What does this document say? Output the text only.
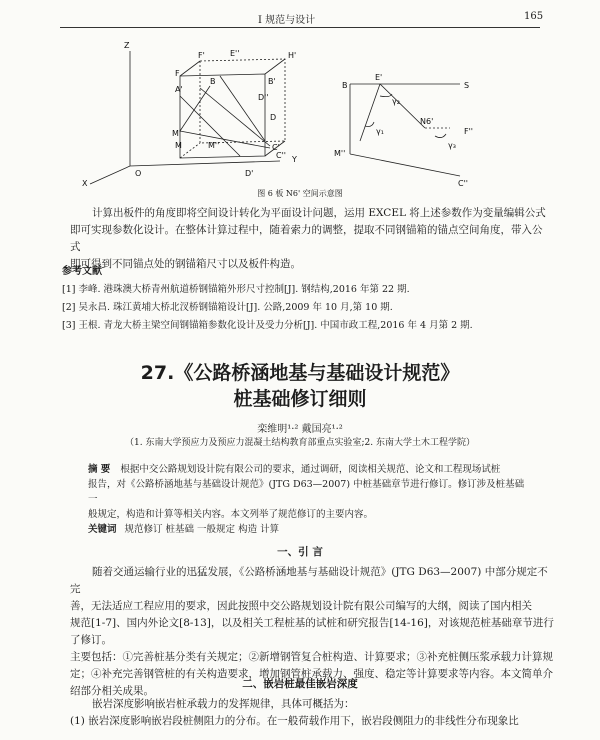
I 规范与设计	165
Z
F
F'	E''	H'
A'
B	B'
D''
D
M'
M	M''
Y
X
C'
C''
O	D'
B
E'
S
γ₂
γ₁
N6'
M''
γ₃
F''
C''
图 6 板 N6' 空间示意图
计算出板件的角度即将空间设计转化为平面设计问题，运用 EXCEL 将上述参数作为变量编辑公式
即可实现参数化设计。在整体计算过程中，随着索力的调整，提取不同钢锚箱的锚点空间角度，带入公式
即可得到不同锚点处的钢锚箱尺寸以及板件构造。
参考文献
[1] 李峰. 港珠澳大桥青州航道桥钢锚箱外形尺寸控制[J]. 钢结构,2016 年第 22 期.
[2] 吴永昌. 珠江黄埔大桥北汊桥钢锚箱设计[J]. 公路,2009 年 10 月,第 10 期.
[3] 王根. 青龙大桥主梁空间钢锚箱参数化设计及受力分析[J]. 中国市政工程,2016 年 4 月第 2 期.
27.《公路桥涵地基与基础设计规范》
桩基础修订细则
栾维明¹·² 戴国亮¹·²
（1. 东南大学预应力及预应力混凝土结构教育部重点实验室;2. 东南大学土木工程学院）
摘 要 根据中交公路规划设计院有限公司的要求，通过调研，阅读相关规范、论文和工程现场试桩
报告，对《公路桥涵地基与基础设计规范》(JTG D63—2007) 中桩基础章节进行修订。修订涉及桩基础一
般规定，构造和计算等相关内容。本文列举了规范修订的主要内容。
关键词 规范修订 桩基础 一般规定 构造 计算
一、引 言
随着交通运输行业的迅猛发展，《公路桥涵地基与基础设计规范》(JTG D63—2007) 中部分规定不完
善，无法适应工程应用的要求，因此按照中交公路规划设计院有限公司编写的大纲，阅读了国内相关
规范[1-7]、国内外论文[8-13]，以及相关工程桩基的试桩和研究报告[14-16]，对该规范桩基础章节进行了修订。
主要包括：①完善桩基分类有关规定；②新增钢管复合桩构造、计算要求；③补充桩侧压浆承载力计算规
定；④补充完善钢管桩的有关构造要求，增加钢管桩承载力、强度、稳定等计算要求等内容。本文简单介
绍部分相关成果。
二、嵌岩桩最佳嵌岩深度
嵌岩深度影响嵌岩桩承载力的发挥规律，具体可概括为：
(1) 嵌岩深度影响嵌岩段桩侧阻力的分布。在一般荷载作用下，嵌岩段侧阻力的非线性分布现象比
